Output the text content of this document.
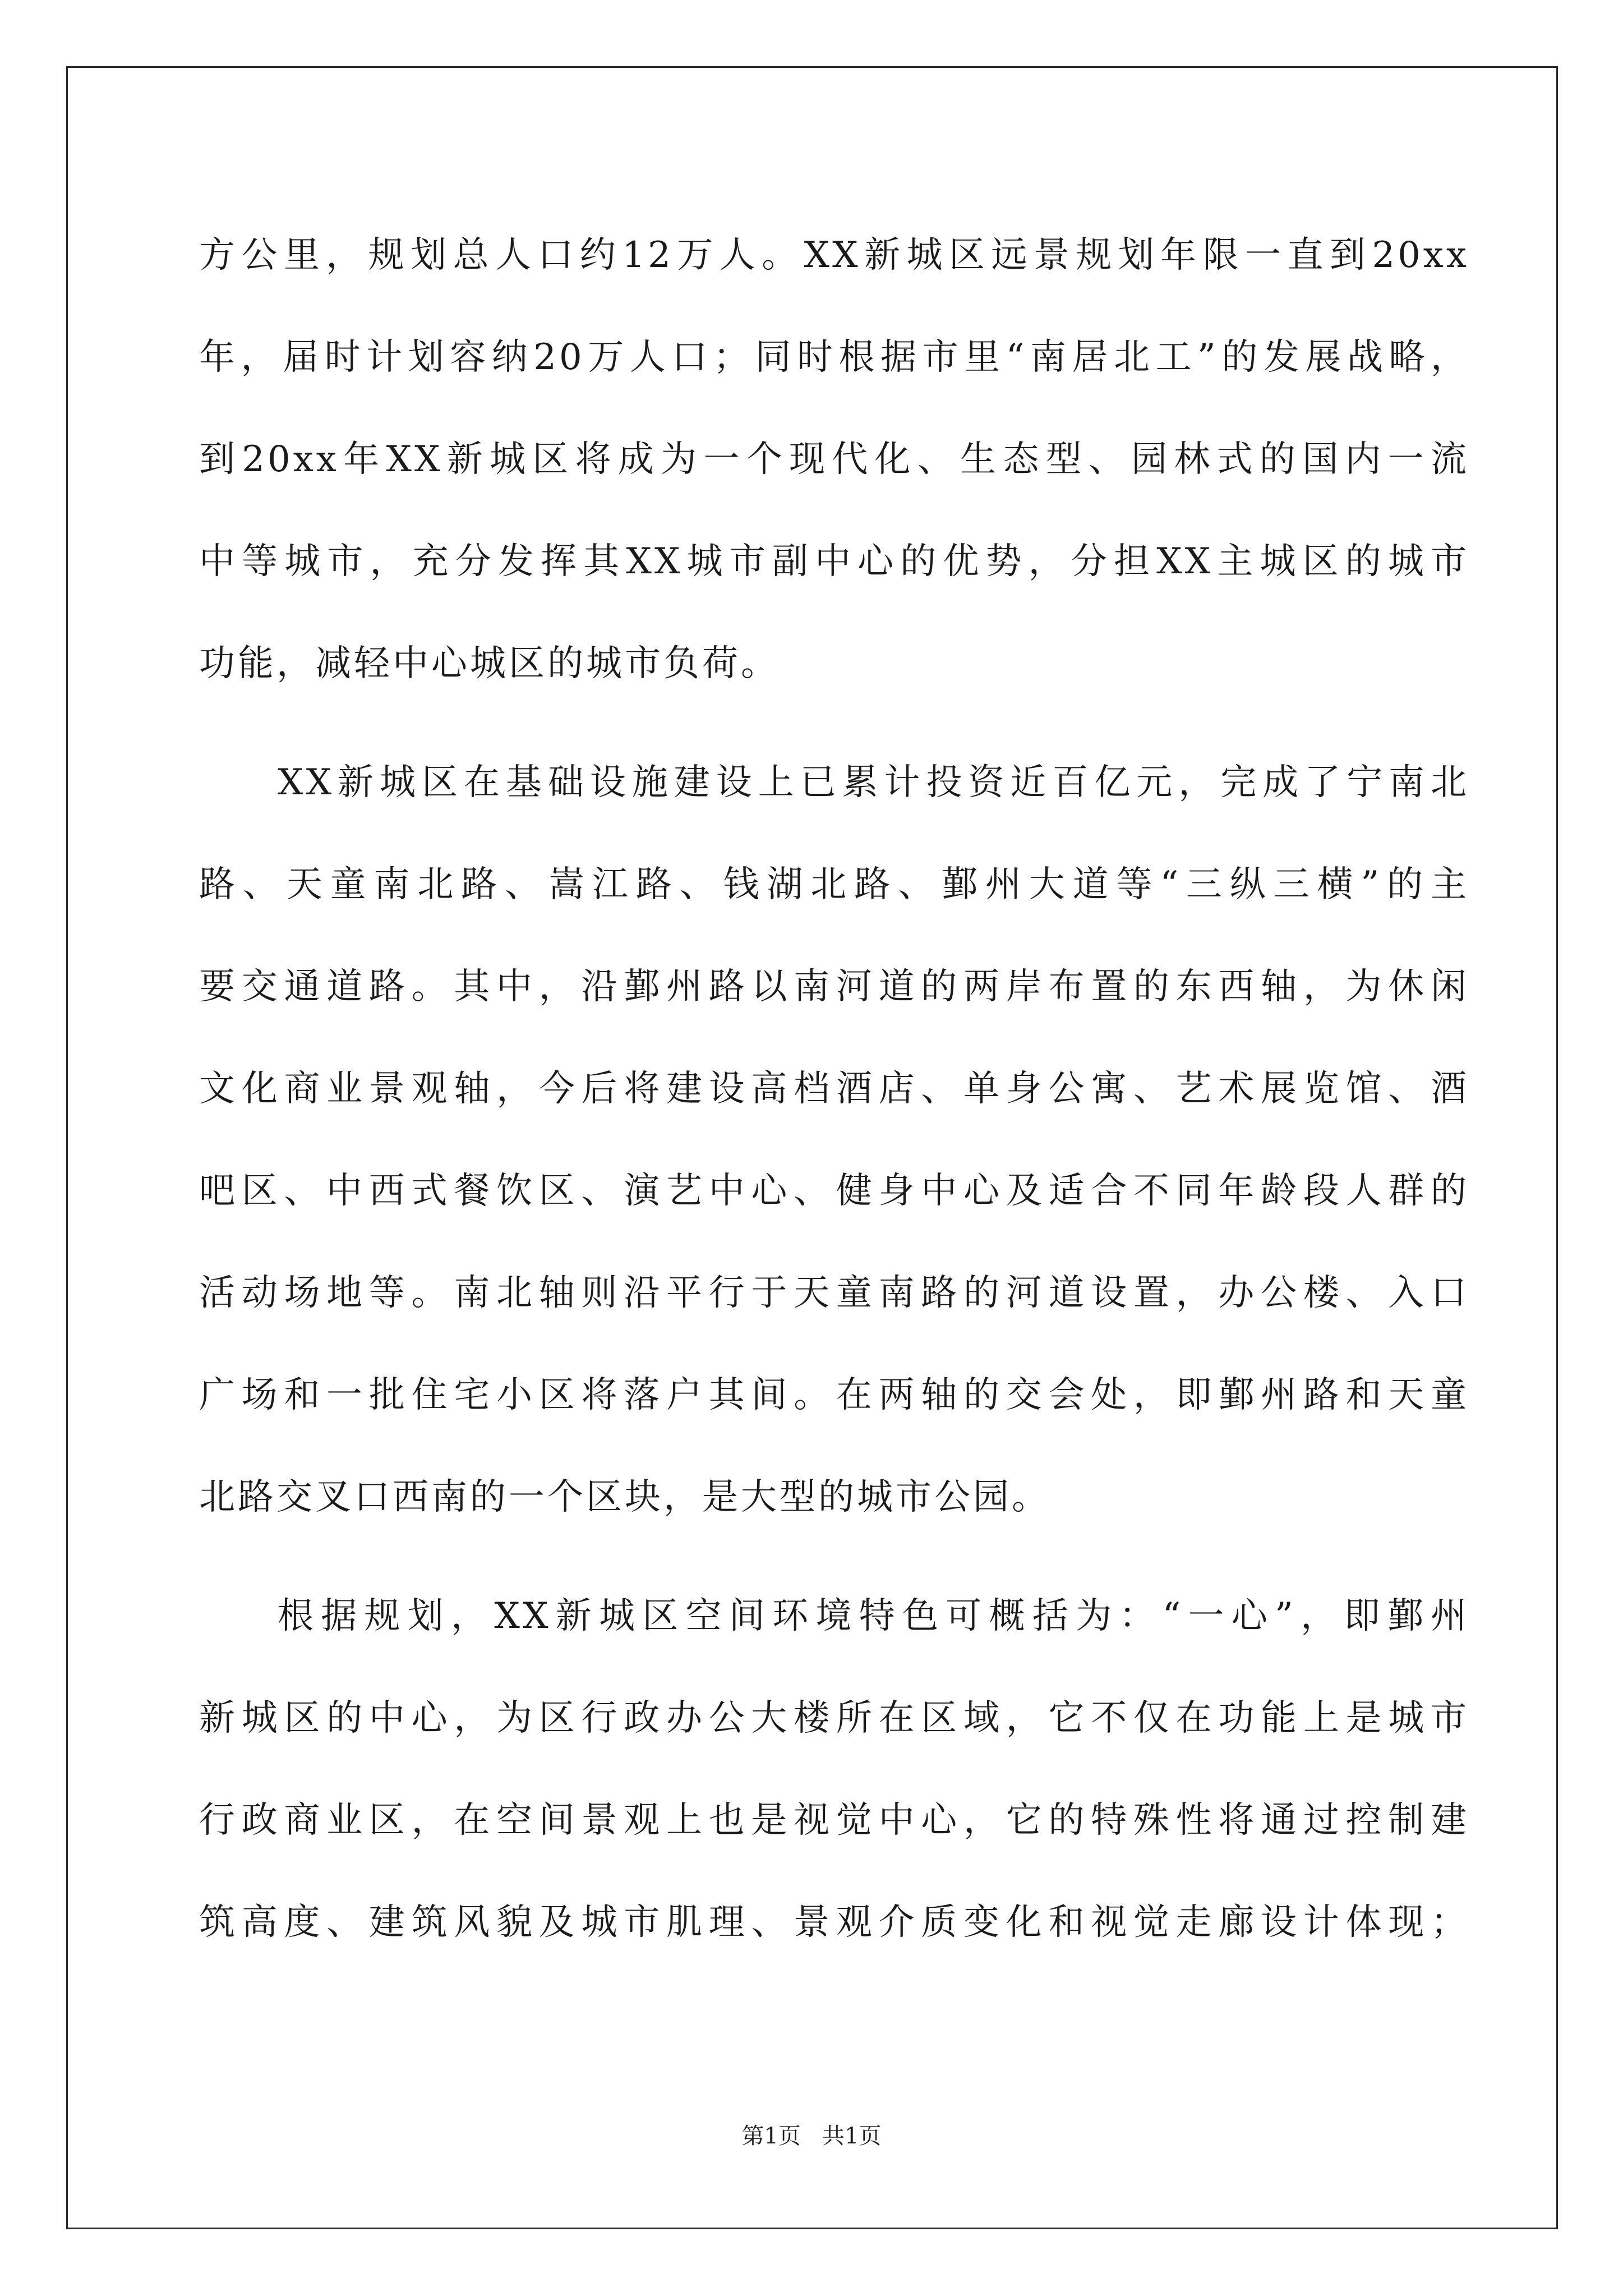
方公里，规划总人口约12万人。XX新城区远景规划年限一直到20xx
年，届时计划容纳20万人口；同时根据市里“南居北工”的发展战略，
到20xx年XX新城区将成为一个现代化、生态型、园林式的国内一流
中等城市，充分发挥其XX城市副中心的优势，分担XX主城区的城市
功能，减轻中心城区的城市负荷。
XX新城区在基础设施建设上已累计投资近百亿元，完成了宁南北
路、天童南北路、嵩江路、钱湖北路、鄞州大道等“三纵三横”的主
要交通道路。其中，沿鄞州路以南河道的两岸布置的东西轴，为休闲
文化商业景观轴，今后将建设高档酒店、单身公寓、艺术展览馆、酒
吧区、中西式餐饮区、演艺中心、健身中心及适合不同年龄段人群的
活动场地等。南北轴则沿平行于天童南路的河道设置，办公楼、入口
广场和一批住宅小区将落户其间。在两轴的交会处，即鄞州路和天童
北路交叉口西南的一个区块，是大型的城市公园。
根据规划，XX新城区空间环境特色可概括为：“一心”，即鄞州
新城区的中心，为区行政办公大楼所在区域，它不仅在功能上是城市
行政商业区，在空间景观上也是视觉中心，它的特殊性将通过控制建
筑高度、建筑风貌及城市肌理、景观介质变化和视觉走廊设计体现；
第1页   共1页
